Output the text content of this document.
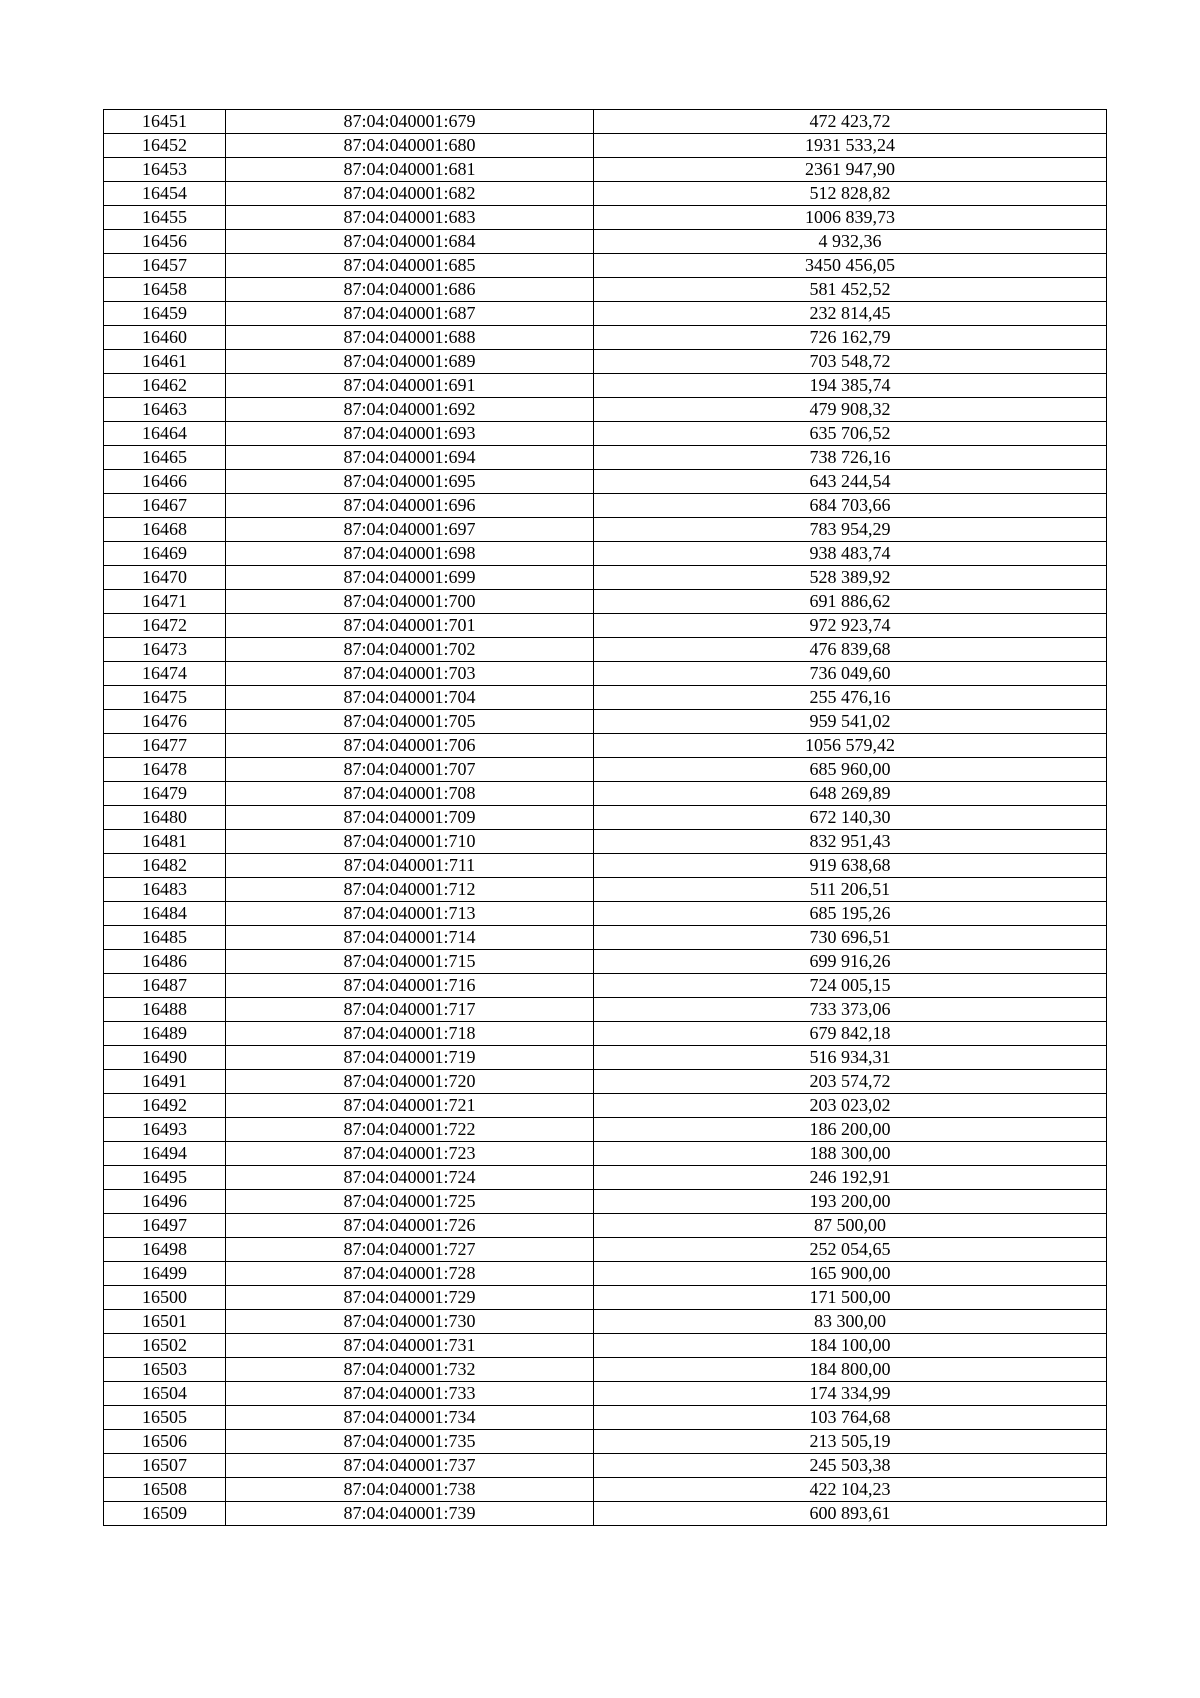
16451	87:04:040001:679	472 423,72
16452	87:04:040001:680	1931 533,24
16453	87:04:040001:681	2361 947,90
16454	87:04:040001:682	512 828,82
16455	87:04:040001:683	1006 839,73
16456	87:04:040001:684	4 932,36
16457	87:04:040001:685	3450 456,05
16458	87:04:040001:686	581 452,52
16459	87:04:040001:687	232 814,45
16460	87:04:040001:688	726 162,79
16461	87:04:040001:689	703 548,72
16462	87:04:040001:691	194 385,74
16463	87:04:040001:692	479 908,32
16464	87:04:040001:693	635 706,52
16465	87:04:040001:694	738 726,16
16466	87:04:040001:695	643 244,54
16467	87:04:040001:696	684 703,66
16468	87:04:040001:697	783 954,29
16469	87:04:040001:698	938 483,74
16470	87:04:040001:699	528 389,92
16471	87:04:040001:700	691 886,62
16472	87:04:040001:701	972 923,74
16473	87:04:040001:702	476 839,68
16474	87:04:040001:703	736 049,60
16475	87:04:040001:704	255 476,16
16476	87:04:040001:705	959 541,02
16477	87:04:040001:706	1056 579,42
16478	87:04:040001:707	685 960,00
16479	87:04:040001:708	648 269,89
16480	87:04:040001:709	672 140,30
16481	87:04:040001:710	832 951,43
16482	87:04:040001:711	919 638,68
16483	87:04:040001:712	511 206,51
16484	87:04:040001:713	685 195,26
16485	87:04:040001:714	730 696,51
16486	87:04:040001:715	699 916,26
16487	87:04:040001:716	724 005,15
16488	87:04:040001:717	733 373,06
16489	87:04:040001:718	679 842,18
16490	87:04:040001:719	516 934,31
16491	87:04:040001:720	203 574,72
16492	87:04:040001:721	203 023,02
16493	87:04:040001:722	186 200,00
16494	87:04:040001:723	188 300,00
16495	87:04:040001:724	246 192,91
16496	87:04:040001:725	193 200,00
16497	87:04:040001:726	87 500,00
16498	87:04:040001:727	252 054,65
16499	87:04:040001:728	165 900,00
16500	87:04:040001:729	171 500,00
16501	87:04:040001:730	83 300,00
16502	87:04:040001:731	184 100,00
16503	87:04:040001:732	184 800,00
16504	87:04:040001:733	174 334,99
16505	87:04:040001:734	103 764,68
16506	87:04:040001:735	213 505,19
16507	87:04:040001:737	245 503,38
16508	87:04:040001:738	422 104,23
16509	87:04:040001:739	600 893,61
